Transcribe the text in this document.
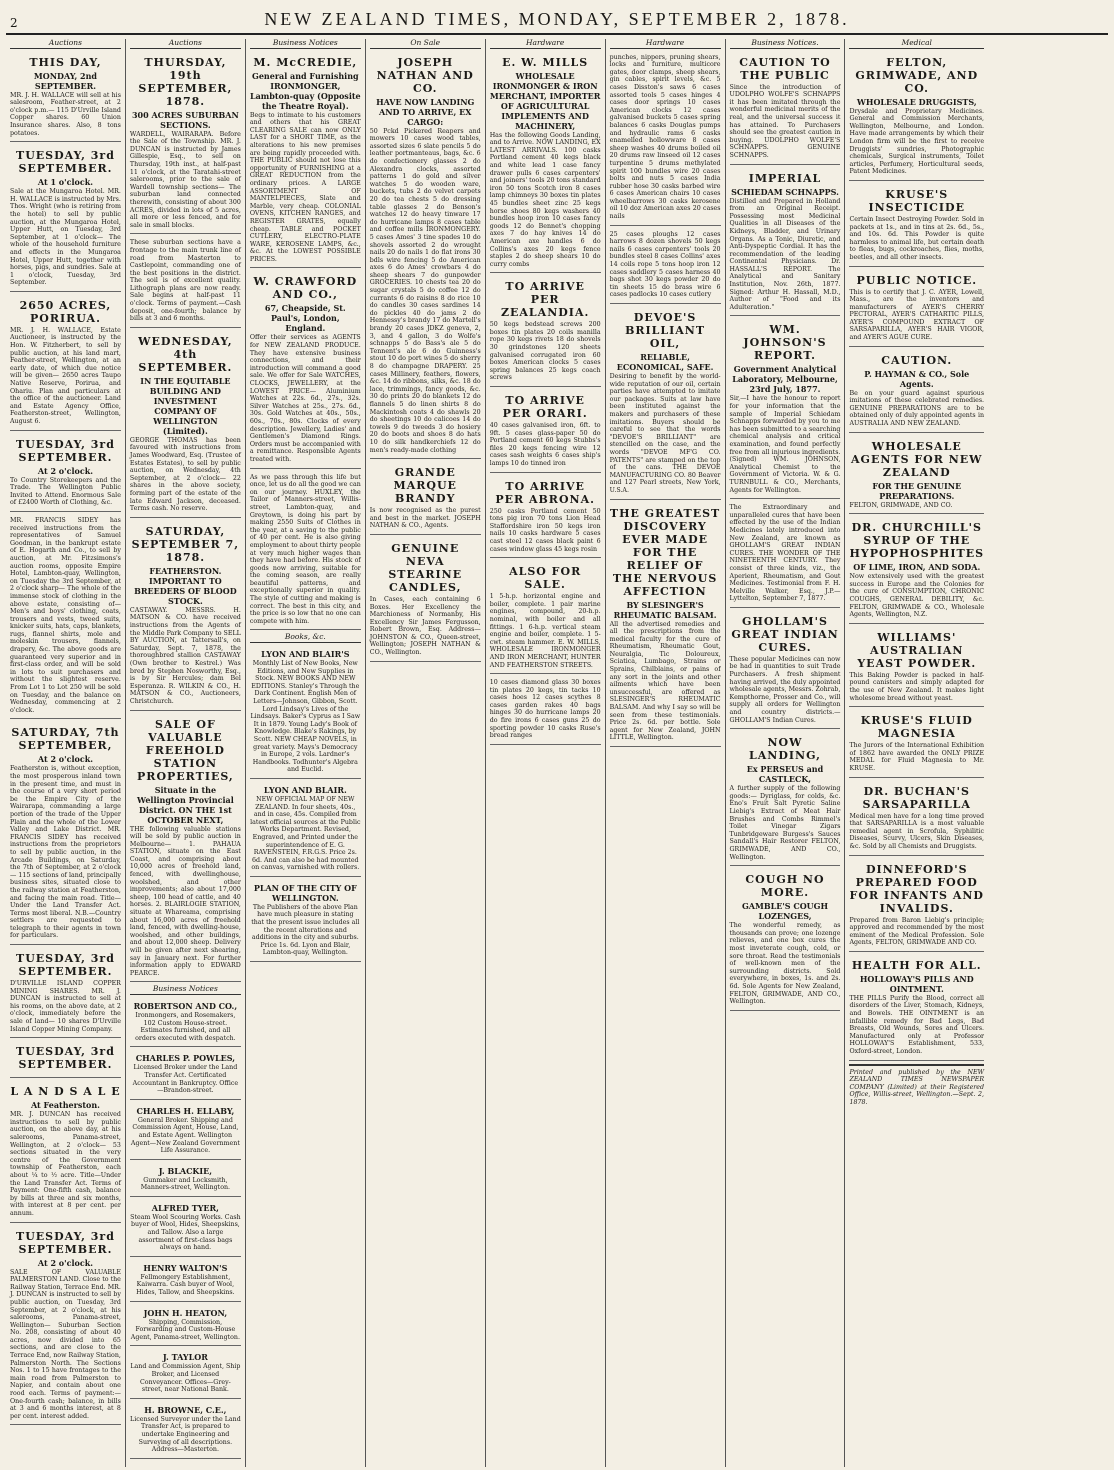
2	NEW ZEALAND TIMES, MONDAY, SEPTEMBER 2, 1878.
Auctions
THIS DAY,
MONDAY, 2nd SEPTEMBER.
MR. J. H. WALLACE will sell at his salesroom, Feather-street, at 2 o'clock p.m.— 115 D'Urville Island Copper shares. 60 Union Insurance shares. Also, 8 tons potatoes.
TUESDAY, 3rd SEPTEMBER.
At 1 o'clock.
Sale at the Mungaroa Hotel. MR. H. WALLACE is instructed by Mrs. Thos. Wright (who is retiring from the hotel) to sell by public auction, at the Mungaroa Hotel, Upper Hutt, on Tuesday, 3rd September, at 1 o'clock— The whole of the household furniture and effects in the Mungaroa Hotel, Upper Hutt, together with horses, pigs, and sundries. Sale at 1 o'clock, Tuesday, 3rd September.
2650 ACRES, PORIRUA.
MR. J. H. WALLACE, Estate Auctioneer, is instructed by the Hon. W. Fitzherbert, to sell by public auction, at his land mart, Feather-street, Wellington, at an early date, of which due notice will be given— 2650 acres Taupo Native Reserve, Porirua, and Ohariu. Plan and particulars at the office of the auctioneer. Land and Estate Agency Office, Featherston-street, Wellington, August 6.
TUESDAY, 3rd SEPTEMBER.
At 2 o'clock.
To Country Storekeepers and the Trade. The Wellington Public Invited to Attend. Enormous Sale of £2400 Worth of Clothing, &c.
MR. FRANCIS SIDEY has received instructions from the representatives of Samuel Goodman, in the bankrupt estate of E. Hogarth and Co., to sell by auction, at Mr. Fitzsimons's auction rooms, opposite Empire Hotel, Lambton-quay, Wellington, on Tuesday the 3rd September, at 2 o'clock sharp— The whole of the immense stock of clothing in the above estate, consisting of— Men's and boys' clothing, coats, trousers and vests, tweed suits, knicker suits, hats, caps, blankets, rugs, flannel shirts, mole and moleskin trousers, flannels, drapery, &c. The above goods are guaranteed very superior and in first-class order, and will be sold in lots to suit purchasers and without the slightest reserve. From Lot 1 to Lot 250 will be sold on Tuesday, and the balance on Wednesday, commencing at 2 o'clock.
SATURDAY, 7th SEPTEMBER,
At 2 o'clock.
Featherston is, without exception, the most prosperous inland town in the present time, and must in the course of a very short period be the Empire City of the Wairarapa, commanding a large portion of the trade of the Upper Plain and the whole of the Lower Valley and Lake District. MR. FRANCIS SIDEY has received instructions from the proprietors to sell by public auction, in the Arcade Buildings, on Saturday, the 7th of September, at 2 o'clock— 115 sections of land, principally business sites, situated close to the railway station at Featherston, and facing the main road. Title—Under the Land Transfer Act. Terms most liberal. N.B.—Country settlers are requested to telegraph to their agents in town for particulars.
TUESDAY, 3rd SEPTEMBER.
D'URVILLE ISLAND COPPER MINING SHARES. MR. J. DUNCAN is instructed to sell at his rooms, on the above date, at 2 o'clock, immediately before the sale of land— 10 shares D'Urville Island Copper Mining Company.
TUESDAY, 3rd SEPTEMBER.
L A N D S A L E
At Featherston.
MR. J. DUNCAN has received instructions to sell by public auction, on the above day, at his salerooms, Panama-street, Wellington, at 2 o'clock— 53 sections situated in the very centre of the Government township of Featherston, each about ¼ to ½ acre. Title—Under the Land Transfer Act. Terms of Payment: One-fifth cash, balance by bills at three and six months, with interest at 8 per cent. per annum.
TUESDAY, 3rd SEPTEMBER.
At 2 o'clock.
SALE OF VALUABLE PALMERSTON LAND. Close to the Railway Station, Terrace End. MR. J. DUNCAN is instructed to sell by public auction, on Tuesday, 3rd September, at 2 o'clock, at his salerooms, Panama-street, Wellington— Suburban Section No. 208, consisting of about 40 acres, now divided into 65 sections, and are close to the Terrace End, now Railway Station, Palmerston North. The Sections Nos. 1 to 15 have frontages to the main road from Palmerston to Napier, and contain about one rood each. Terms of payment:—One-fourth cash; balance, in bills at 3 and 6 months interest, at 8 per cent. interest added.
Auctions
THURSDAY, 19th SEPTEMBER, 1878.
300 ACRES SUBURBAN SECTIONS.
WARDELL, WAIRARAPA. Before the Sale of the Township. MR. J. DUNCAN is instructed by James Gillespie, Esq., to sell on Thursday, 19th inst., at half-past 11 o'clock, at the Taratahi-street salerooms, prior to the sale of Wardell township sections— The suburban land connected therewith, consisting of about 300 ACRES, divided in lots of 5 acres, all more or less fenced, and for sale in small blocks.
These suburban sections have a frontage to the main trunk line of road from Masterton to Castlepoint, commanding one of the best positions in the district. The soil is of excellent quality. Lithograph plans are now ready. Sale begins at half-past 11 o'clock. Terms of payment.—Cash deposit, one-fourth; balance by bills at 3 and 6 months.
WEDNESDAY, 4th SEPTEMBER.
IN THE EQUITABLE BUILDING AND INVESTMENT COMPANY OF WELLINGTON (Limited).
GEORGE THOMAS has been favoured with instructions from James Woodward, Esq. (Trustee of Estates Estates), to sell by public auction, on Wednesday, 4th September, at 2 o'clock— 22 shares in the above society, forming part of the estate of the late Edward Jackson, deceased. Terms cash. No reserve.
SATURDAY, SEPTEMBER 7, 1878.
FEATHERSTON. IMPORTANT TO BREEDERS OF BLOOD STOCK.
CASTAWAY. MESSRS. H. MATSON & CO. have received instructions from the Agents of the Middle Park Company to SELL BY AUCTION, at Tattersall's, on Saturday, Sept. 7, 1878, the thoroughbred stallion CASTAWAY (Own brother to Kestrel.) Was bred by Stephen Nosworthy, Esq., is by Sir Hercules; dam Bel Esperanza. R. WILKIN & CO., H. MATSON & CO., Auctioneers, Christchurch.
SALE OF VALUABLE FREEHOLD STATION PROPERTIES,
Situate in the Wellington Provincial District. ON THE 1st OCTOBER NEXT,
THE following valuable stations will be sold by public auction in Melbourne— 1. PAHAUA STATION, situate on the East Coast, and comprising about 10,000 acres of freehold land, fenced, with dwellinghouse, woolshed, and other improvements; also about 17,000 sheep, 100 head of cattle, and 40 horses. 2. BLAIRLOGIE STATION, situate at Whareama, comprising about 16,000 acres of freehold land, fenced, with dwelling-house, woolshed, and other buildings, and about 12,000 sheep. Delivery will be given after next shearing, say in January next. For further information apply to EDWARD PEARCE.
Business Notices
ROBERTSON AND CO.,
Ironmongers, and Rosemakers, 102 Custom House-street. Estimates furnished, and all orders executed with despatch.
CHARLES P. POWLES,
Licensed Broker under the Land Transfer Act. Certificated Accountant in Bankruptcy. Office—Brandon-street.
CHARLES H. ELLABY,
General Broker. Shipping and Commission Agent, House, Land, and Estate Agent. Wellington Agent—New Zealand Government Life Assurance.
J. BLACKIE,
Gunmaker and Locksmith, Manners-street, Wellington.
ALFRED TYER,
Steam Wool Scouring Works. Cash buyer of Wool, Hides, Sheepskins, and Tallow. Also a large assortment of first-class bags always on hand.
HENRY WALTON'S
Fellmongery Establishment, Kaiwarra. Cash buyer of Wool, Hides, Tallow, and Sheepskins.
JOHN H. HEATON,
Shipping, Commission, Forwarding and Custom-House Agent, Panama-street, Wellington.
J. TAYLOR
Land and Commission Agent, Ship Broker, and Licensed Conveyancer. Offices—Grey-street, near National Bank.
H. BROWNE, C.E.,
Licensed Surveyor under the Land Transfer Act, is prepared to undertake Engineering and Surveying of all descriptions. Address—Masterton.
Business Notices
M. McCREDIE,
General and Furnishing IRONMONGER, Lambton-quay (Opposite the Theatre Royal).
Begs to intimate to his customers and others that his GREAT CLEARING SALE can now ONLY LAST for a SHORT TIME, as the alterations to his new premises are being rapidly proceeded with. THE PUBLIC should not lose this opportunity of FURNISHING at a GREAT REDUCTION from the ordinary prices. A LARGE ASSORTMENT OF MANTELPIECES, Slate and Marble, very cheap. COLONIAL OVENS, KITCHEN RANGES, and REGISTER GRATES, equally cheap. TABLE and POCKET CUTLERY, ELECTRO-PLATE WARE, KEROSENE LAMPS, &c., &c. At the LOWEST POSSIBLE PRICES.
W. CRAWFORD AND CO.,
67, Cheapside, St. Paul's, London, England.
Offer their services as AGENTS for NEW ZEALAND PRODUCE. They have extensive business connections, and their introduction will command a good sale. We offer for Sale WATCHES, CLOCKS, JEWELLERY, at the LOWEST PRICE— Aluminium Watches at 22s. 6d., 27s., 32s. Silver Watches at 25s., 27s. 6d., 30s. Gold Watches at 40s., 50s., 60s., 70s., 80s. Clocks of every description. Jewellery, Ladies' and Gentlemen's Diamond Rings. Orders must be accompanied with a remittance. Responsible Agents treated with.
As we pass through this life but once, let us do all the good we can on our journey. HUXLEY, the Tailor of Manners-street, Willis-street, Lambton-quay, and Greytown, is doing his part by making 2550 Suits of Clothes in the year, at a saving to the public of 40 per cent. He is also giving employment to about thirty people at very much higher wages than they have had before. His stock of goods now arriving, suitable for the coming season, are really beautiful patterns, and exceptionally superior in quality. The style of cutting and making is correct. The best in this city, and the price is so low that no one can compete with him.
Books, &c.
LYON AND BLAIR'S
Monthly List of New Books, New Editions, and New Supplies in Stock. NEW BOOKS AND NEW EDITIONS. Stanley's Through the Dark Continent. English Men of Letters—Johnson, Gibbon, Scott. Lord Lindsay's Lives of the Lindsays. Baker's Cyprus as I Saw It in 1879. Young Lady's Book of Knowledge. Blake's Rakings, by Scott. NEW CHEAP NOVELS, in great variety. Mays's Democracy in Europe, 2 vols. Lardner's Handbooks. Todhunter's Algebra and Euclid.
LYON AND BLAIR.
NEW OFFICIAL MAP OF NEW ZEALAND. In four sheets, 40s., and in case, 45s. Compiled from latest official sources at the Public Works Department. Revised, Engraved, and Printed under the superintendence of E. G. RAVENSTEIN, F.R.G.S. Price 2s. 6d. And can also be had mounted on canvas, varnished with rollers.
PLAN OF THE CITY OF WELLINGTON.
The Publishers of the above Plan have much pleasure in stating that the present issue includes all the recent alterations and additions in the city and suburbs. Price 1s. 6d. Lyon and Blair, Lambton-quay, Wellington.
On Sale
JOSEPH NATHAN AND CO.
HAVE NOW LANDING AND TO ARRIVE, EX CARGO:
50 Pckd Pickered Reapers and mowers 10 cases wood tables, assorted sizes 6 slate pencils 5 do leather portmanteaus, bags, &c. 6 do confectionery glasses 2 do Alexandra clocks, assorted patterns 1 do gold and silver watches 5 do wooden ware, buckets, tubs 2 do velvet carpets 20 do tea chests 5 do dressing table glasses 2 do Benson's watches 12 do heavy tinware 17 do hurricane lamps 8 cases table and coffee mills IRONMONGERY. 5 cases Ames' 3 tine spades 10 do shovels assorted 2 do wrought nails 20 do nails 1 do flat irons 30 bdls wire fencing 5 do American axes 6 do Ames' crowbars 4 do sheep shears 7 do gunpowder GROCERIES. 10 chests tea 20 do sugar crystals 5 do coffee 12 do currants 6 do raisins 8 do rice 10 do candles 30 cases sardines 14 do pickles 40 do jams 2 do Hennessy's brandy 17 do Martell's brandy 20 cases JDKZ geneva, 2, 3, and 4 gallon, 3 do Wolfe's schnapps 5 do Bass's ale 5 do Tennent's ale 6 do Guinness's stout 10 do port wines 5 do sherry 8 do champagne DRAPERY. 25 cases Millinery, feathers, flowers, &c. 14 do ribbons, silks, &c. 18 do lace, trimmings, fancy goods, &c. 30 do prints 20 do blankets 12 do flannels 5 do linen shirts 8 do Mackintosh coats 4 do shawls 20 do sheetings 10 do calicoes 14 do towels 9 do tweeds 3 do hosiery 20 do boots and shoes 8 do hats 10 do silk handkerchiefs 12 do men's ready-made clothing
GRANDE MARQUE BRANDY
Is now recognised as the purest and best in the market. JOSEPH NATHAN & CO., Agents.
GENUINE NEVA STEARINE CANDLES,
In Cases, each containing 6 Boxes. Her Excellency the Marchioness of Normanby, His Excellency Sir James Fergusson, Robert Brown, Esq. Address—JOHNSTON & CO., Queen-street, Wellington; JOSEPH NATHAN & CO., Wellington.
Hardware
E. W. MILLS
WHOLESALE IRONMONGER & IRON MERCHANT, IMPORTER OF AGRICULTURAL IMPLEMENTS AND MACHINERY,
Has the following Goods Landing, and to Arrive. NOW LANDING, EX LATEST ARRIVALS. 100 casks Portland cement 40 kegs black and white lead 1 case fancy drawer pulls 6 cases carpenters' and joiners' tools 20 tons standard iron 50 tons Scotch iron 8 cases lamp chimneys 30 boxes tin plates 45 bundles sheet zinc 25 kegs horse shoes 80 kegs washers 40 bundles hoop iron 10 cases fancy goods 12 do Bennet's chopping axes 7 do hay knives 14 do American axe handles 6 do Collins's axes 20 kegs fence staples 2 do sheep shears 10 do curry combs
TO ARRIVE PER ZEALANDIA.
50 kegs bedstead screws 200 boxes tin plates 20 coils manilla rope 30 kegs rivets 18 do shovels 30 grindstones 120 sheets galvanised corrugated iron 60 boxes American clocks 5 cases spring balances 25 kegs coach screws
TO ARRIVE PER ORARI.
40 cases galvanised iron, 6ft. to 9ft. 5 cases glass-paper 50 do Portland cement 60 kegs Stubbs's files 20 kegs fencing wire 12 cases sash weights 6 cases ship's lamps 10 do tinned iron
TO ARRIVE PER ABRONA.
250 casks Portland cement 50 tons pig iron 70 tons Lion Head Staffordshire iron 50 kegs iron nails 10 casks hardware 5 cases cast steel 12 cases black paint 6 cases window glass 45 kegs rosin
ALSO FOR SALE.
1 5-h.p. horizontal engine and boiler, complete. 1 pair marine engines, compound, 20-h.p. nominal, with boiler and all fittings. 1 6-h.p. vertical steam engine and boiler, complete. 1 5-cwt. steam hammer. E. W. MILLS, WHOLESALE IRONMONGER AND IRON MERCHANT, HUNTER AND FEATHERSTON STREETS.
10 cases diamond glass 30 boxes tin plates 20 kegs, tin tacks 10 cases hoes 12 cases scythes 8 cases garden rakes 40 bags hinges 30 do hurricane lamps 20 do fire irons 6 cases guns 25 do sporting powder 10 casks Ruse's bread ranges
Hardware
punches, nippers, pruning shears, locks and furniture, multicore gates, door clamps, sheep shears, gin cables, spirit levels, &c. 5 cases Disston's saws 6 cases assorted tools 5 cases hinges 4 cases door springs 10 cases American clocks 12 cases galvanised buckets 5 cases spring balances 6 casks Douglas pumps and hydraulic rams 6 casks enamelled hollowware 8 cases sheep washes 40 drums boiled oil 20 drums raw linseed oil 12 cases turpentine 5 drums methylated spirit 100 bundles wire 20 cases bolts and nuts 5 cases India rubber hose 30 casks barbed wire 6 cases American chairs 10 cases wheelbarrows 30 casks kerosene oil 10 doz American axes 20 cases nails
25 cases ploughs 12 cases harrows 8 dozen shovels 50 kegs nails 6 cases carpenters' tools 20 bundles steel 8 cases Collins' axes 14 coils rope 5 tons hoop iron 12 cases saddlery 5 cases harness 40 bags shot 30 kegs powder 20 do tin sheets 15 do brass wire 6 cases padlocks 10 cases cutlery
DEVOE'S BRILLIANT OIL,
RELIABLE, ECONOMICAL, SAFE.
Desiring to benefit by the world-wide reputation of our oil, certain parties have attempted to imitate our packages. Suits at law have been instituted against the makers and purchasers of these imitations. Buyers should be careful to see that the words "DEVOE'S BRILLIANT" are stencilled on the case, and the words "DEVOE MF'G CO. PATENTS" are stamped on the top of the cans. THE DEVOE MANUFACTURING CO. 80 Beaver and 127 Pearl streets, New York, U.S.A.
THE GREATEST DISCOVERY EVER MADE FOR THE RELIEF OF THE NERVOUS AFFECTION
BY SLESINGER'S RHEUMATIC BALSAM.
All the advertised remedies and all the prescriptions from the medical faculty for the cure of Rheumatism, Rheumatic Gout, Neuralgia, Tic Doloureux, Sciatica, Lumbago, Strains or Sprains, Chilblains, or pains of any sort in the joints and other ailments which have been unsuccessful, are offered as SLESINGER'S RHEUMATIC BALSAM. And why I say so will be seen from these testimonials. Price 2s. 6d. per bottle. Sole agent for New Zealand, JOHN LITTLE, Wellington.
Business Notices.
CAUTION TO THE PUBLIC
Since the introduction of UDOLPHO WOLFE'S SCHNAPPS it has been imitated through the wonderful medicinal merits of the real, and the universal success it has attained. To Purchasers should see the greatest caution in buying. UDOLPHO WOLFE'S SCHNAPPS. GENUINE SCHNAPPS.
IMPERIAL
SCHIEDAM SCHNAPPS.
Distilled and Prepared in Holland from an Original Receipt. Possessing most Medicinal Qualities in all Diseases of the Kidneys, Bladder, and Urinary Organs. As a Tonic, Diuretic, and Anti-Dyspeptic Cordial. It has the recommendation of the leading Continental Physicians. Dr. HASSALL'S REPORT. The Analytical and Sanitary Institution, Nov. 26th, 1877. Signed: Arthur H. Hassall, M.D., Author of "Food and its Adulteration."
WM. JOHNSON'S REPORT.
Government Analytical Laboratory, Melbourne, 23rd July, 1877.
Sir,—I have the honour to report for your information that the sample of Imperial Schiedam Schnapps forwarded by you to me has been submitted to a searching chemical analysis and critical examination, and found perfectly free from all injurious ingredients. (Signed) WM. JOHNSON, Analytical Chemist to the Government of Victoria. W. & G. TURNBULL & CO., Merchants, Agents for Wellington.
The Extraordinary and unparalleled cures that have been effected by the use of the Indian Medicines lately introduced into New Zealand, are known as GHOLLAM'S GREAT INDIAN CURES. THE WONDER OF THE NINETEENTH CENTURY. They consist of three kinds, viz., the Aperient, Rheumatism, and Gout Medicines. Testimonial from F. H. Melville Walker, Esq., J.P.— Lyttelton, September 7, 1877.
GHOLLAM'S GREAT INDIAN CURES.
These popular Medicines can now be had in quantities to suit Trade Purchasers. A fresh shipment having arrived, the duly appointed wholesale agents, Messrs. Zohrab, Kempthorne, Prosser and Co., will supply all orders for Wellington and country districts.—GHOLLAM'S Indian Cures.
NOW LANDING,
Ex PERSEUS and CASTLECK,
A further supply of the following goods:— Dyriglass, for colds, &c. Eno's Fruit Salt Pyretic Saline Liebig's Extract of Meat Hair Brushes and Combs Rimmel's Toilet Vinegar Zigars Tunbridgeware Burgess's Sauces Sandall's Hair Restorer FELTON, GRIMWADE, AND CO., Wellington.
COUGH NO MORE.
GAMBLE'S COUGH LOZENGES,
The wonderful remedy, as thousands can prove; one lozenge relieves, and one box cures the most inveterate cough, cold, or sore throat. Read the testimonials of well-known men of the surrounding districts. Sold everywhere, in boxes, 1s. and 2s. 6d. Sole Agents for New Zealand, FELTON, GRIMWADE, AND CO., Wellington.
Medical
FELTON, GRIMWADE, AND CO.
WHOLESALE DRUGGISTS,
Drysdale and Proprietary Medicines. General and Commission Merchants, Wellington, Melbourne, and London. Have made arrangements by which their London firm will be the first to receive Druggists' sundries, Photographic chemicals, Surgical instruments, Toilet articles, Perfumery, Horticultural seeds, Patent Medicines.
KRUSE'S INSECTICIDE
Certain Insect Destroying Powder. Sold in packets at 1s., and in tins at 2s. 6d., 5s., and 10s. 6d. This Powder is quite harmless to animal life, but certain death to fleas, bugs, cockroaches, flies, moths, beetles, and all other insects.
PUBLIC NOTICE.
This is to certify that J. C. AYER, Lowell, Mass., are the inventors and manufacturers of AYER'S CHERRY PECTORAL, AYER'S CATHARTIC PILLS, AYER'S COMPOUND EXTRACT OF SARSAPARILLA, AYER'S HAIR VIGOR, and AYER'S AGUE CURE.
CAUTION.
P. HAYMAN & CO., Sole Agents.
Be on your guard against spurious imitations of these celebrated remedies. GENUINE PREPARATIONS are to be obtained only of duly appointed agents in AUSTRALIA AND NEW ZEALAND.
WHOLESALE AGENTS FOR NEW ZEALAND
FOR THE GENUINE PREPARATIONS.
FELTON, GRIMWADE, AND CO.
DR. CHURCHILL'S SYRUP OF THE HYPOPHOSPHITES
OF LIME, IRON, AND SODA.
Now extensively used with the greatest success in Europe and the Colonies for the cure of CONSUMPTION, CHRONIC COUGHS, GENERAL DEBILITY, &c. FELTON, GRIMWADE & CO., Wholesale Agents, Wellington, N.Z.
WILLIAMS' AUSTRALIAN YEAST POWDER.
This Baking Powder is packed in half-pound canisters and simply adapted for the use of New Zealand. It makes light wholesome bread without yeast.
KRUSE'S FLUID MAGNESIA
The Jurors of the International Exhibition of 1862 have awarded the ONLY PRIZE MEDAL for Fluid Magnesia to Mr. KRUSE.
DR. BUCHAN'S SARSAPARILLA
Medical men have for a long time proved that SARSAPARILLA is a most valuable remedial agent in Scrofula, Syphilitic Diseases, Scurvy, Ulcers, Skin Diseases, &c. Sold by all Chemists and Druggists.
DINNEFORD'S PREPARED FOOD FOR INFANTS AND INVALIDS.
Prepared from Baron Liebig's principle; approved and recommended by the most eminent of the Medical Profession. Sole Agents, FELTON, GRIMWADE AND CO.
HEALTH FOR ALL.
HOLLOWAY'S PILLS AND OINTMENT.
THE PILLS Purify the Blood, correct all disorders of the Liver, Stomach, Kidneys, and Bowels. THE OINTMENT is an infallible remedy for Bad Legs, Bad Breasts, Old Wounds, Sores and Ulcers. Manufactured only at Professor HOLLOWAY'S Establishment, 533, Oxford-street, London.
Printed and published by the NEW ZEALAND TIMES NEWSPAPER COMPANY (Limited) at their Registered Office, Willis-street, Wellington.—Sept. 2, 1878.
